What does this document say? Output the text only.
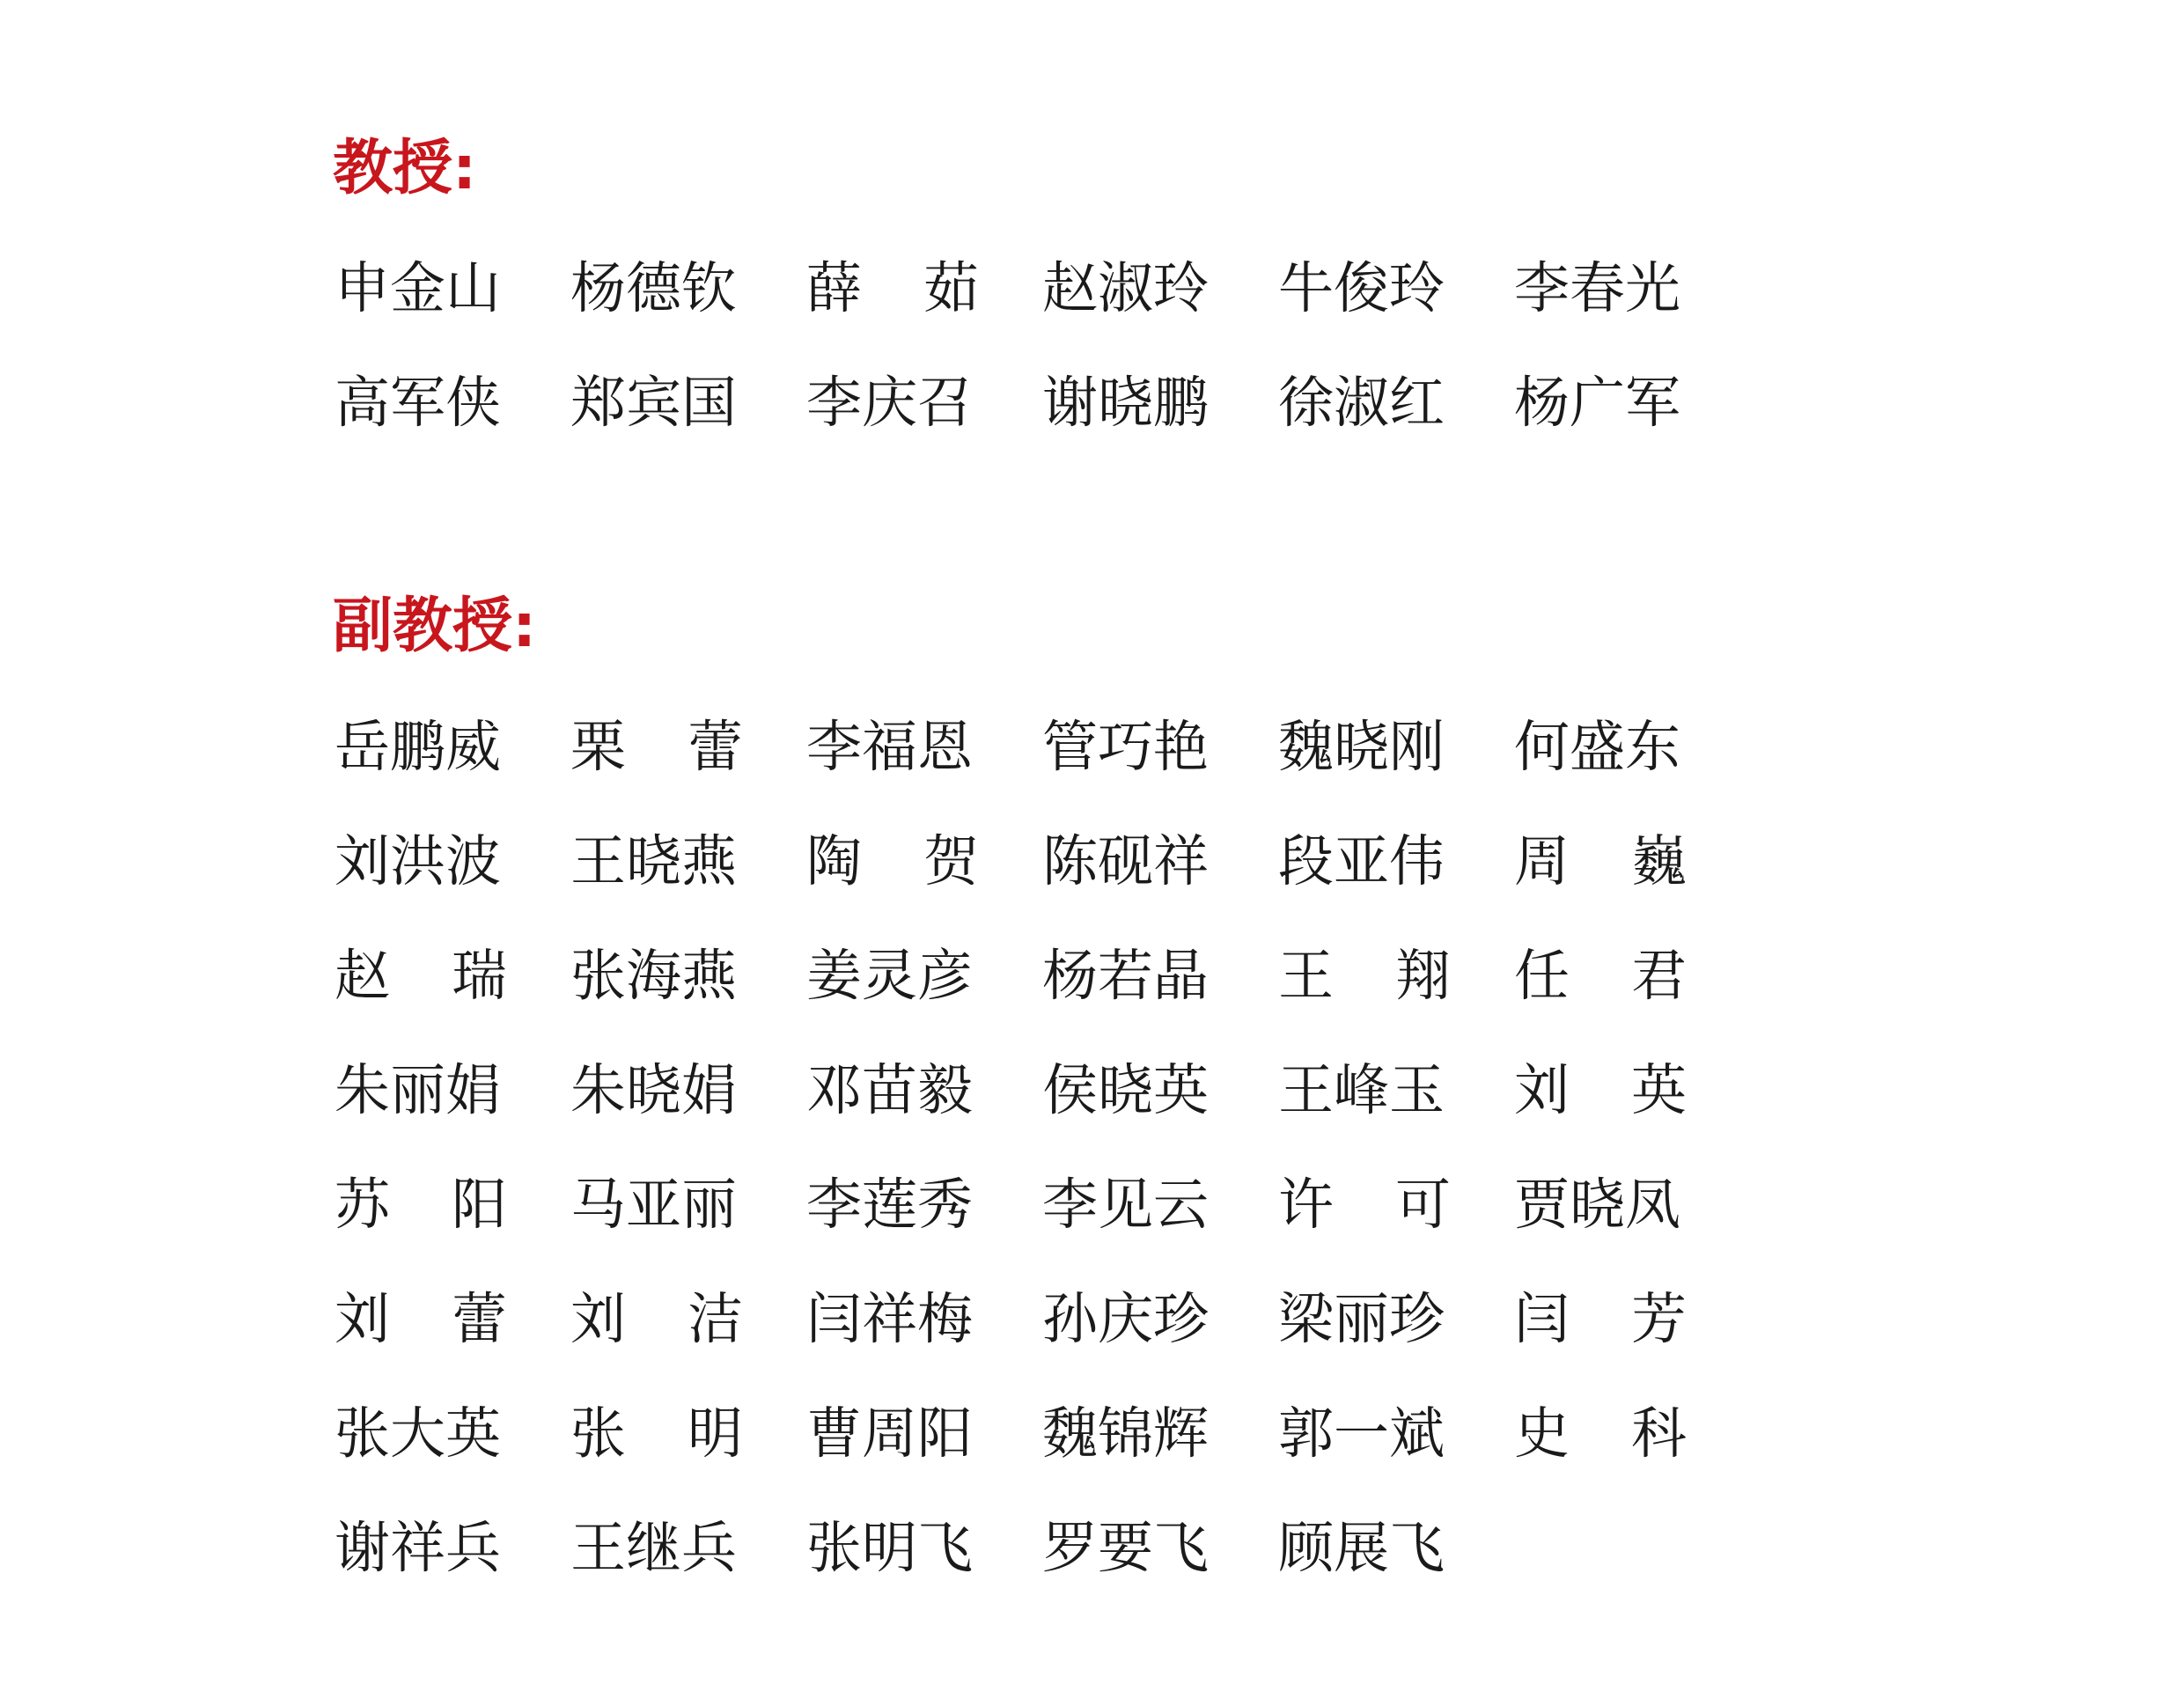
教授:
申金山 杨德钦 薛 茹 赵淑玲 牛俊玲 李春光
高军侠 郑宾国 李庆召 谢晓鹏 徐淑红 杨广军
副教授:
岳鹏威 栗 蕾 李福恩 管巧艳 魏晓刚 何盛东
刘洪波 王晓燕 陶 贺 陈砚祥 段亚伟 周 巍
赵 瑞 张海燕 姜灵彦 杨若晶 王 翔 任 君
朱丽娟 朱晓娟 邓苗毅 侯晓英 王峰玉 刘 英
苏 阳 马亚丽 李莲秀 李见云 许 可 贾晓凤
刘 蕾 刘 洁 闫祥梅 孙庆珍 梁丽珍 闫 芳
张大英 张 明 曹周阳 魏锦辉 郭一斌 史 科
谢祥兵 王继兵 张明飞 罗要飞 顾展飞
